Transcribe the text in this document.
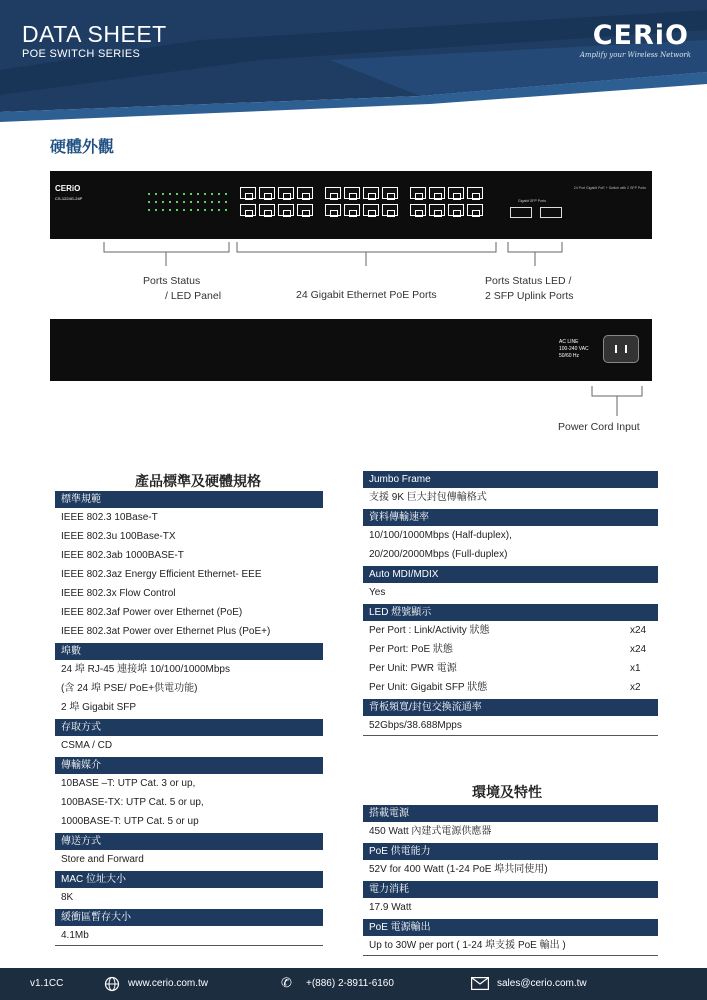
DATA SHEET
POE SWITCH SERIES
CERiO
Amplify your Wireless Network
硬體外觀
CERiO
CS-1224G-24P
24 Port Gigabit PoE + Switch with 2 SFP Ports
Gigabit SFP Ports
Ports Status
/ LED Panel	24 Gigabit Ethernet PoE Ports
Ports Status LED /
2 SFP Uplink Ports
AC LINE
100-240 VAC
50/60 Hz
Power Cord Input
產品標準及硬體規格
標準規範
IEEE 802.3 10Base-T
IEEE 802.3u 100Base-TX
IEEE 802.3ab 1000BASE-T
IEEE 802.3az Energy Efficient Ethernet- EEE
IEEE 802.3x Flow Control
IEEE 802.3af Power over Ethernet (PoE)
IEEE 802.3at Power over Ethernet Plus (PoE+)
埠數
24 埠 RJ-45 連接埠 10/100/1000Mbps
(含 24 埠 PSE/ PoE+供電功能)
2 埠 Gigabit SFP
存取方式
CSMA / CD
傳輸媒介
10BASE –T: UTP Cat. 3 or up,
100BASE-TX: UTP Cat. 5 or up,
1000BASE-T: UTP Cat. 5 or up
傳送方式
Store and Forward
MAC 位址大小
8K
緩衝區暫存大小
4.1Mb
Jumbo Frame
支援 9K 巨大封包傳輸格式
資料傳輸速率
10/100/1000Mbps (Half-duplex),
20/200/2000Mbps (Full-duplex)
Auto MDI/MDIX
Yes
LED 燈號顯示
Per Port : Link/Activity 狀態	x24
Per Port: PoE 狀態	x24
Per Unit: PWR 電源	x1
Per Unit: Gigabit SFP 狀態	x2
背板頻寬/封包交換流通率
52Gbps/38.688Mpps
環境及特性
搭載電源
450 Watt 內建式電源供應器
PoE 供電能力
52V for 400 Watt (1-24 PoE 埠共同使用)
電力消耗
17.9 Watt
PoE 電源輸出
Up to 30W per port ( 1-24 埠支援 PoE 輸出 )
v1.1CC	www.cerio.com.tw	✆ +(886) 2-8911-6160	sales@cerio.com.tw
